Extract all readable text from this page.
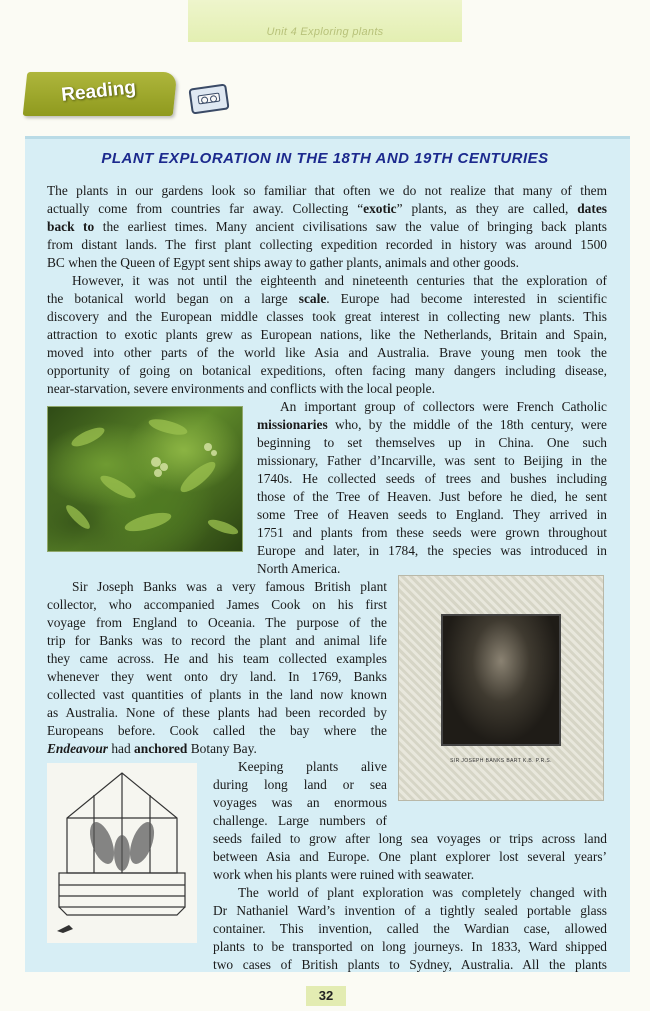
Unit 4 Exploring plants
Reading
PLANT EXPLORATION IN THE 18TH AND 19TH CENTURIES
The plants in our gardens look so familiar that often we do not realize that many of them
actually come from countries far away. Collecting “exotic” plants, as they are called, dates
back to the earliest times. Many ancient civilisations saw the value of bringing back plants
from distant lands. The first plant collecting expedition recorded in history was around 1500
BC when the Queen of Egypt sent ships away to gather plants, animals and other goods.
However, it was not until the eighteenth and nineteenth centuries that the exploration of
the botanical world began on a large scale. Europe had become interested in scientific
discovery and the European middle classes took great interest in collecting new plants. This
attraction to exotic plants grew as European nations, like the Netherlands, Britain and Spain,
moved into other parts of the world like Asia and Australia. Brave young men took the
opportunity of going on botanical expeditions, often facing many dangers including disease,
near-starvation, severe environments and conflicts with the local people.
An important group of collectors were French Catholic
missionaries who, by the middle of the 18th century, were
beginning to set themselves up in China. One such
missionary, Father d’Incarville, was sent to Beijing in the
1740s. He collected seeds of trees and bushes including
those of the Tree of Heaven. Just before he died, he sent
some Tree of Heaven seeds to England. They arrived in
1751 and plants from these seeds were grown throughout
Europe and later, in 1784, the species was introduced in
North America.
SIR JOSEPH BANKS BART K.B. P.R.S.
Sir Joseph Banks was a very famous British plant
collector, who accompanied James Cook on his first
voyage from England to Oceania. The purpose of the
trip for Banks was to record the plant and animal life
they came across. He and his team collected examples
whenever they went onto dry land. In 1769, Banks
collected vast quantities of plants in the land now known
as Australia. None of these plants had been recorded by
Europeans before. Cook called the bay where the
Endeavour had anchored Botany Bay.
Keeping plants alive
during long land or sea
voyages was an enormous
challenge. Large numbers of
seeds failed to grow after long sea voyages or trips across land
between Asia and Europe. One plant explorer lost several years’
work when his plants were ruined with seawater.
The world of plant exploration was completely changed with
Dr Nathaniel Ward’s invention of a tightly sealed portable glass
container. This invention, called the Wardian case, allowed
plants to be transported on long journeys. In 1833, Ward shipped
two cases of British plants to Sydney, Australia. All the plants
32
